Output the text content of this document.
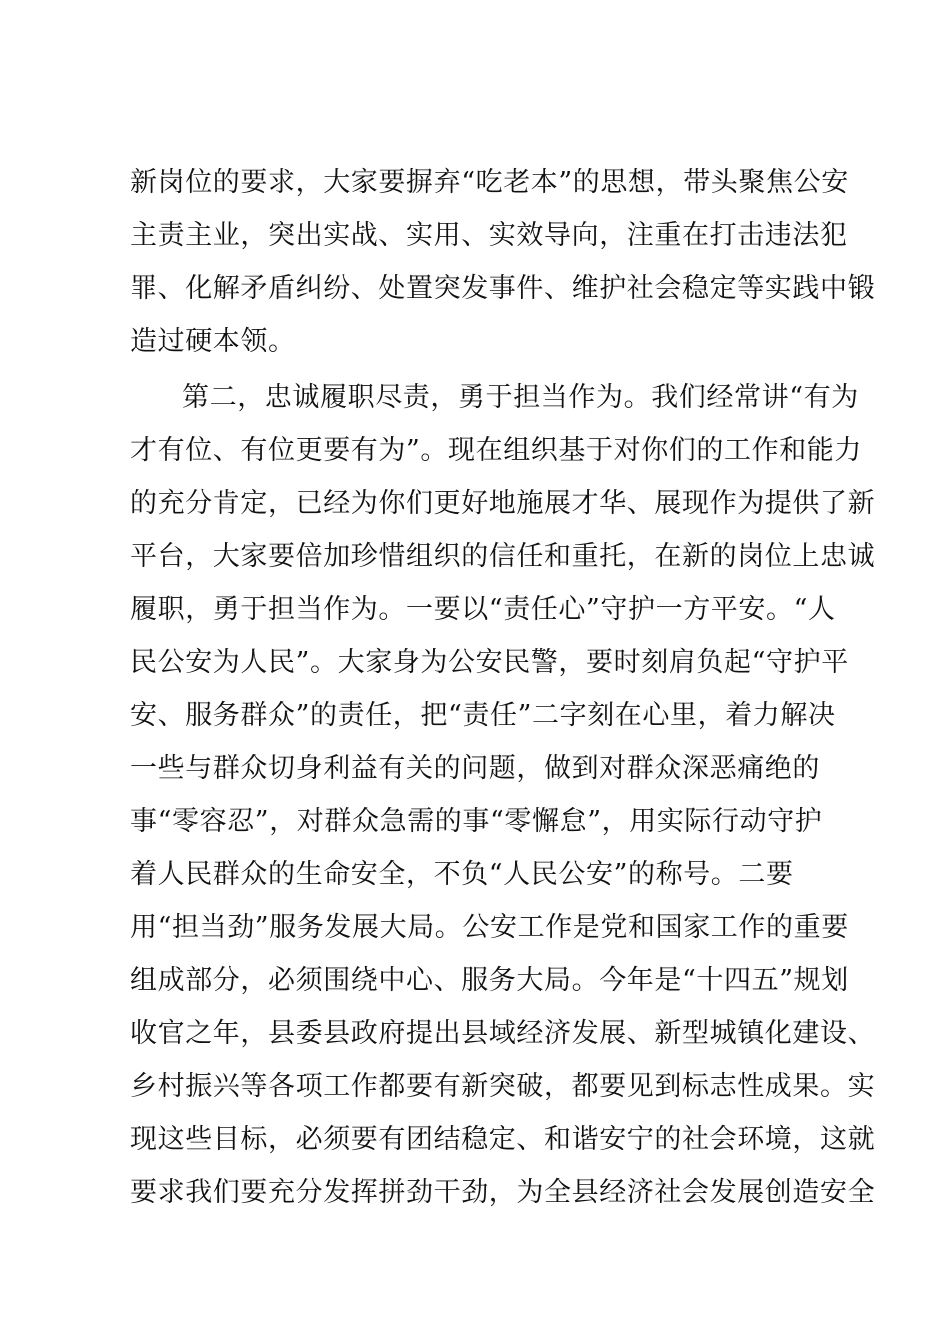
新岗位的要求，大家要摒弃“吃老本”的思想，带头聚焦公安
主责主业，突出实战、实用、实效导向，注重在打击违法犯
罪、化解矛盾纠纷、处置突发事件、维护社会稳定等实践中锻
造过硬本领。
第二，忠诚履职尽责，勇于担当作为。我们经常讲“有为
才有位、有位更要有为”。现在组织基于对你们的工作和能力
的充分肯定，已经为你们更好地施展才华、展现作为提供了新
平台，大家要倍加珍惜组织的信任和重托，在新的岗位上忠诚
履职，勇于担当作为。一要以“责任心”守护一方平安。“人
民公安为人民”。大家身为公安民警，要时刻肩负起“守护平
安、服务群众”的责任，把“责任”二字刻在心里，着力解决
一些与群众切身利益有关的问题，做到对群众深恶痛绝的
事“零容忍”，对群众急需的事“零懈怠”，用实际行动守护
着人民群众的生命安全，不负“人民公安”的称号。二要
用“担当劲”服务发展大局。公安工作是党和国家工作的重要
组成部分，必须围绕中心、服务大局。今年是“十四五”规划
收官之年，县委县政府提出县域经济发展、新型城镇化建设、
乡村振兴等各项工作都要有新突破，都要见到标志性成果。实
现这些目标，必须要有团结稳定、和谐安宁的社会环境，这就
要求我们要充分发挥拼劲干劲，为全县经济社会发展创造安全
